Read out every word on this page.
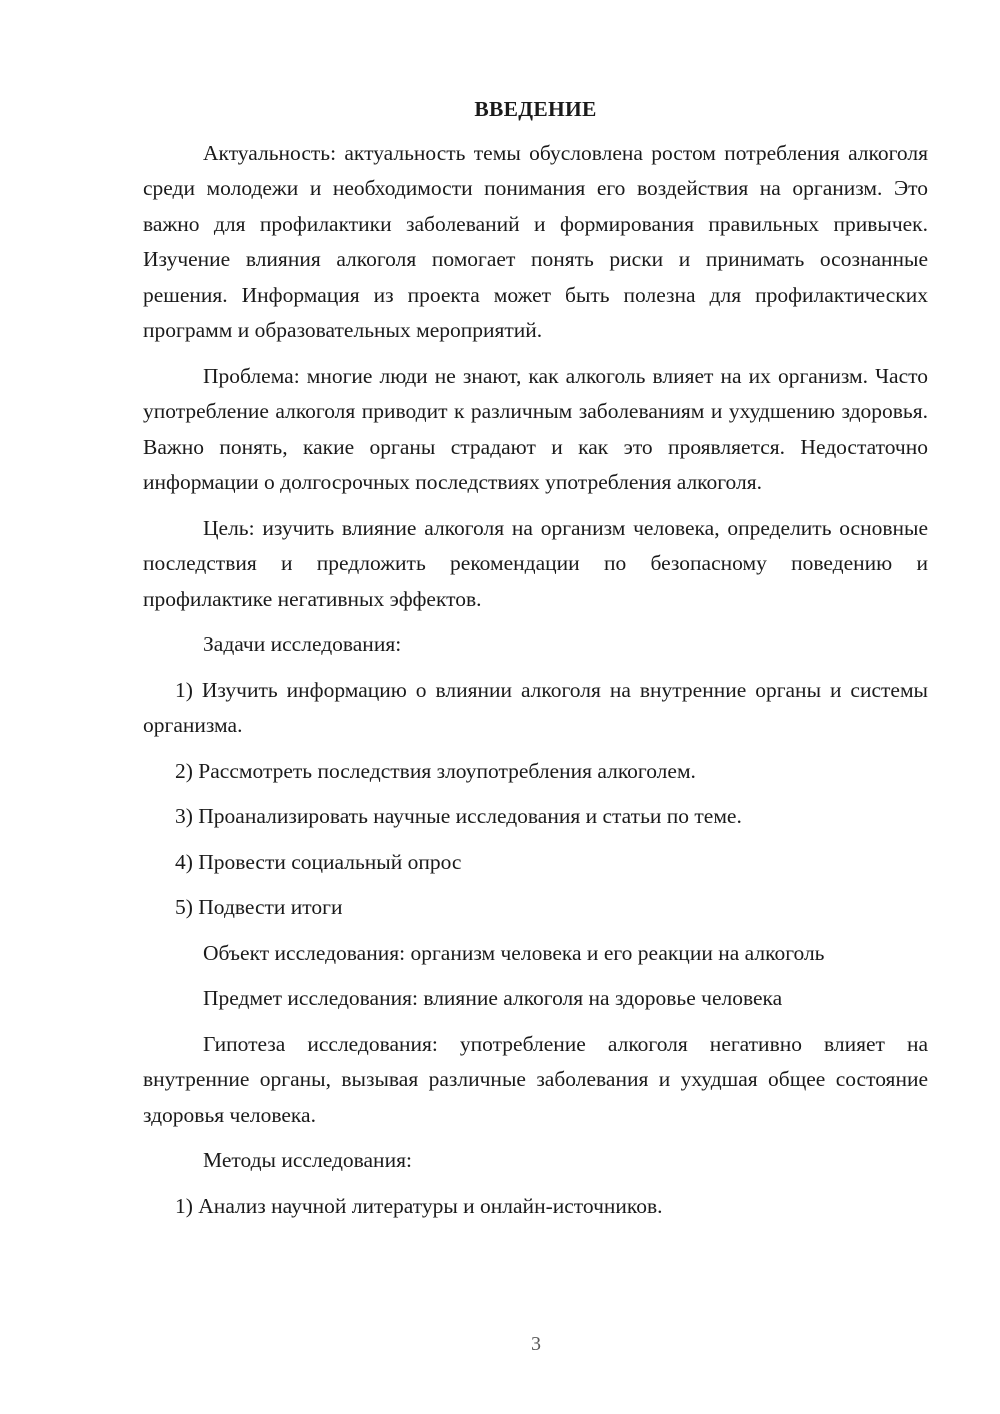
ВВЕДЕНИЕ

Актуальность: актуальность темы обусловлена ростом потребления алкоголя среди молодежи и необходимости понимания его воздействия на организм. Это важно для профилактики заболеваний и формирования правильных привычек. Изучение влияния алкоголя помогает понять риски и принимать осознанные решения. Информация из проекта может быть полезна для профилактических программ и образовательных мероприятий.

Проблема: многие люди не знают, как алкоголь влияет на их организм. Часто употребление алкоголя приводит к различным заболеваниям и ухудшению здоровья. Важно понять, какие органы страдают и как это проявляется. Недостаточно информации о долгосрочных последствиях употребления алкоголя.

Цель: изучить влияние алкоголя на организм человека, определить основные последствия и предложить рекомендации по безопасному поведению и профилактике негативных эффектов.

Задачи исследования:

1) Изучить информацию о влиянии алкоголя на внутренние органы и системы организма.

2) Рассмотреть последствия злоупотребления алкоголем.

3) Проанализировать научные исследования и статьи по теме.

4) Провести социальный опрос

5) Подвести итоги

Объект исследования: организм человека и его реакции на алкоголь

Предмет исследования: влияние алкоголя на здоровье человека

Гипотеза исследования: употребление алкоголя негативно влияет на внутренние органы, вызывая различные заболевания и ухудшая общее состояние здоровья человека.

Методы исследования:

1) Анализ научной литературы и онлайн-источников.

3
